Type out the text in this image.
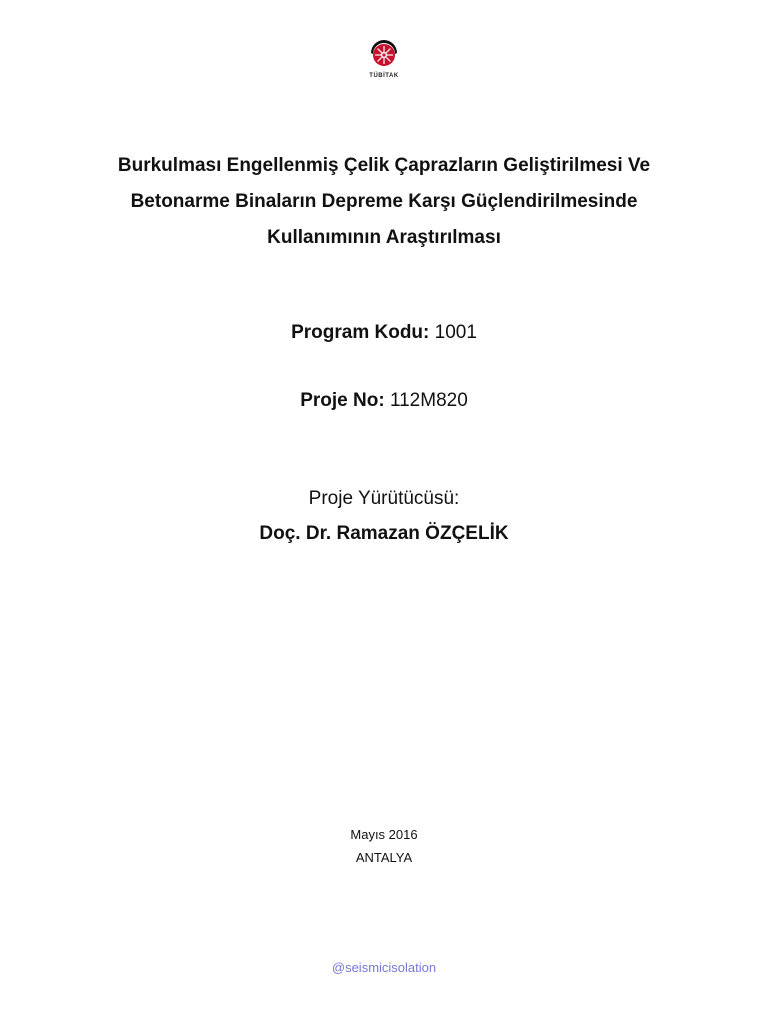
TÜBİTAK
Burkulması Engellenmiş Çelik Çaprazların Geliştirilmesi Ve
Betonarme Binaların Depreme Karşı Güçlendirilmesinde
Kullanımının Araştırılması
Program Kodu: 1001
Proje No: 112M820
Proje Yürütücüsü:
Doç. Dr. Ramazan ÖZÇELİK
Mayıs 2016
ANTALYA
@seismicisolation
